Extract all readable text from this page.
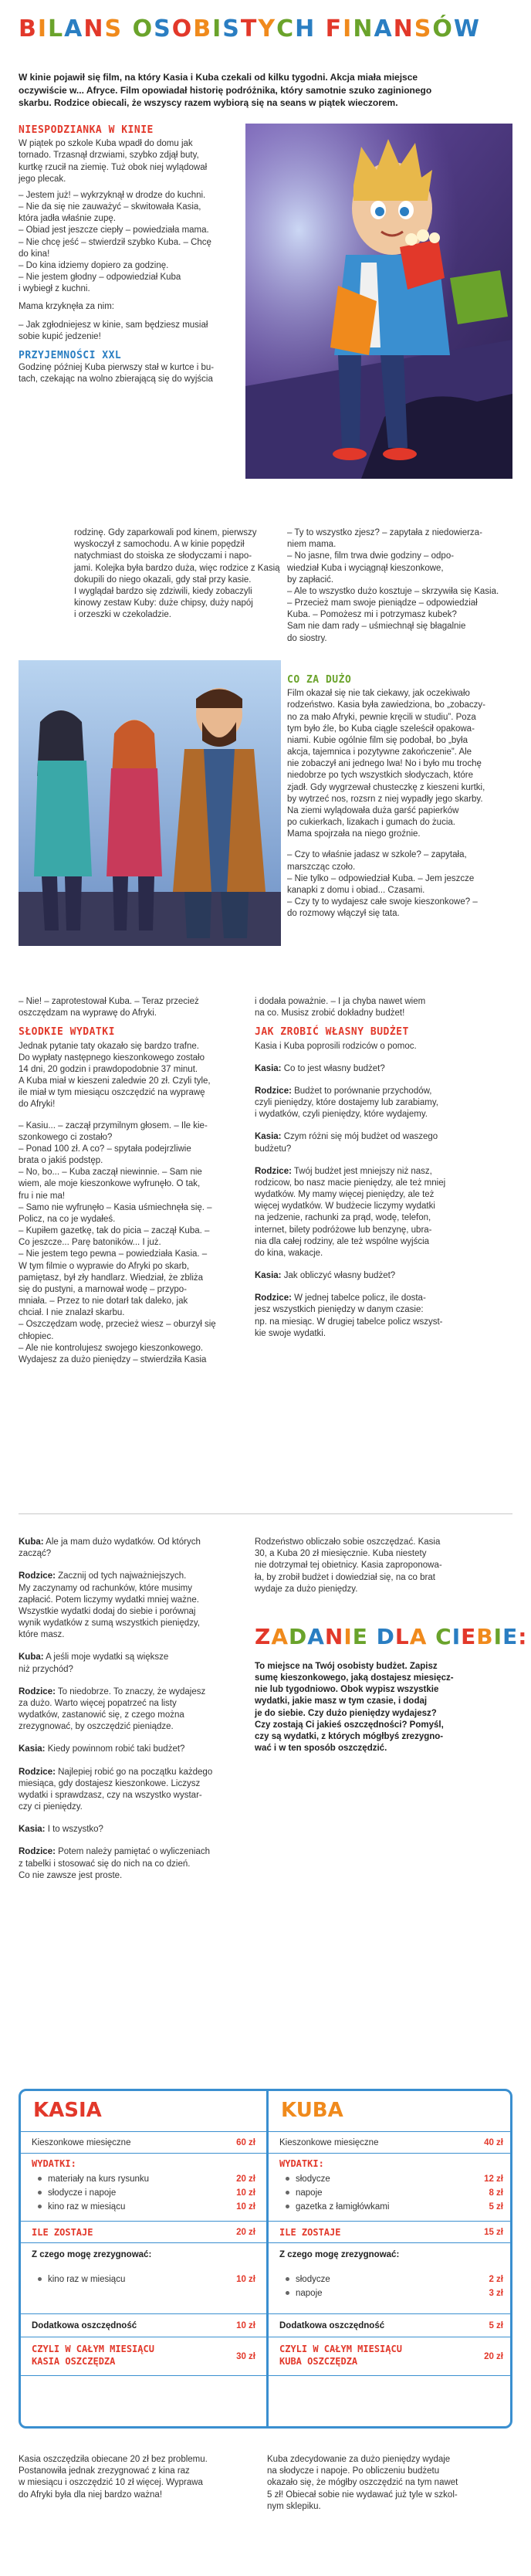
BILANS OSOBISTYCH FINANSÓW
W kinie pojawił się film, na który Kasia i Kuba czekali od kilku tygodni. Akcja miała miejsce
oczywiście w... Afryce. Film opowiadał historię podróżnika, który samotnie szuko zaginionego
skarbu. Rodzice obiecali, że wszyscy razem wybiorą się na seans w piątek wieczorem.
NIESPODZIANKA W KINIE
W piątek po szkole Kuba wpadł do domu jak
tornado. Trzasnął drzwiami, szybko zdjął buty,
kurtkę rzucił na ziemię. Tuż obok niej wylądował
jego plecak.
– Jestem już! – wykrzyknął w drodze do kuchni.
– Nie da się nie zauważyć – skwitowała Kasia,
która jadła właśnie zupę.
– Obiad jest jeszcze ciepły – powiedziała mama.
– Nie chcę jeść – stwierdził szybko Kuba. – Chcę
do kina!
– Do kina idziemy dopiero za godzinę.
– Nie jestem głodny – odpowiedział Kuba
i wybiegł z kuchni.
Mama krzyknęła za nim:
– Jak zgłodniejesz w kinie, sam będziesz musiał
sobie kupić jedzenie!
PRZYJEMNOŚCI XXL
Godzinę później Kuba pierwszy stał w kurtce i bu-
tach, czekając na wolno zbierającą się do wyjścia
rodzinę. Gdy zaparkowali pod kinem, pierwszy
wyskoczył z samochodu. A w kinie popędził
natychmiast do stoiska ze słodyczami i napo-
jami. Kolejka była bardzo duża, więc rodzice z Kasią
dokupili do niego okazali, gdy stał przy kasie.
I wyglądał bardzo się zdziwili, kiedy zobaczyli
kinowy zestaw Kuby: duże chipsy, duży napój
i orzeszki w czekoladzie.
– Ty to wszystko zjesz? – zapytała z niedowierza-
niem mama.
– No jasne, film trwa dwie godziny – odpo-
wiedział Kuba i wyciągnął kieszonkowe,
by zapłacić.
– Ale to wszystko dużo kosztuje – skrzywiła się Kasia.
– Przecież mam swoje pieniądze – odpowiedział
Kuba. – Pomożesz mi i potrzymasz kubek?
Sam nie dam rady – uśmiechnął się błagalnie
do siostry.
CO ZA DUŻO
Film okazał się nie tak ciekawy, jak oczekiwało
rodzeństwo. Kasia była zawiedziona, bo „zobaczy-
no za mało Afryki, pewnie kręcili w studiu”. Poza
tym było źle, bo Kuba ciągle szeleścił opakowa-
niami. Kubie ogólnie film się podobał, bo „była
akcja, tajemnica i pozytywne zakończenie”. Ale
nie zobaczył ani jednego lwa! No i było mu trochę
niedobrze po tych wszystkich słodyczach, które
zjadł. Gdy wygrzewał chusteczkę z kieszeni kurtki,
by wytrzeć nos, rozsrn z niej wypadły jego skarby.
Na ziemi wylądowała duża garść papierków
po cukierkach, lizakach i gumach do żucia.
Mama spojrzała na niego groźnie.
– Czy to właśnie jadasz w szkole? – zapytała,
marszcząc czoło.
– Nie tylko – odpowiedział Kuba. – Jem jeszcze
kanapki z domu i obiad... Czasami.
– Czy ty to wydajesz całe swoje kieszonkowe? –
do rozmowy włączył się tata.
– Nie! – zaprotestował Kuba. – Teraz przecież
oszczędzam na wyprawę do Afryki.
SŁODKIE WYDATKI
Jednak pytanie taty okazało się bardzo trafne.
Do wypłaty następnego kieszonkowego zostało
14 dni, 20 godzin i prawdopodobnie 37 minut.
A Kuba miał w kieszeni zaledwie 20 zł. Czyli tyle,
ile miał w tym miesiącu oszczędzić na wyprawę
do Afryki!
– Kasiu... – zaczął przymilnym głosem. – Ile kie-
szonkowego ci zostało?
– Ponad 100 zł. A co? – spytała podejrzliwie
brata o jakiś podstęp.
– No, bo... – Kuba zaczął niewinnie. – Sam nie
wiem, ale moje kieszonkowe wyfrunęło. O tak,
fru i nie ma!
– Samo nie wyfrunęło – Kasia uśmiechnęła się. –
Policz, na co je wydałeś.
– Kupiłem gazetkę, tak do picia – zaczął Kuba. –
Co jeszcze... Parę batoników... I już.
– Nie jestem tego pewna – powiedziała Kasia. –
W tym filmie o wyprawie do Afryki po skarb,
pamiętasz, był zły handlarz. Wiedział, że zbliża
się do pustyni, a marnował wodę – przypo-
mniała. – Przez to nie dotarł tak daleko, jak
chciał. I nie znalazł skarbu.
– Oszczędzam wodę, przecież wiesz – oburzył się
chłopiec.
– Ale nie kontrolujesz swojego kieszonkowego.
Wydajesz za dużo pieniędzy – stwierdziła Kasia
i dodała poważnie. – I ja chyba nawet wiem
na co. Musisz zrobić dokładny budżet!
JAK ZROBIĆ WŁASNY BUDŻET
Kasia i Kuba poprosili rodziców o pomoc.
Kasia: Co to jest własny budżet?
Rodzice: Budżet to porównanie przychodów,
czyli pieniędzy, które dostajemy lub zarabiamy,
i wydatków, czyli pieniędzy, które wydajemy.
Kasia: Czym różni się mój budżet od waszego
budżetu?
Rodzice: Twój budżet jest mniejszy niż nasz,
rodzicow, bo nasz macie pieniędzy, ale też mniej
wydatków. My mamy więcej pieniędzy, ale też
więcej wydatków. W budżecie liczymy wydatki
na jedzenie, rachunki za prąd, wodę, telefon,
internet, bilety podróżowe lub benzynę, ubra-
nia dla całej rodziny, ale też wspólne wyjścia
do kina, wakacje.
Kasia: Jak obliczyć własny budżet?
Rodzice: W jednej tabelce policz, ile dosta-
jesz wszystkich pieniędzy w danym czasie:
np. na miesiąc. W drugiej tabelce policz wszyst-
kie swoje wydatki.
Kuba: Ale ja mam dużo wydatków. Od których
zacząć?
Rodzice: Zacznij od tych najważniejszych.
My zaczynamy od rachunków, które musimy
zapłacić. Potem liczymy wydatki mniej ważne.
Wszystkie wydatki dodaj do siebie i porównaj
wynik wydatków z sumą wszystkich pieniędzy,
które masz.
Kuba: A jeśli moje wydatki są większe
niż przychód?
Rodzice: To niedobrze. To znaczy, że wydajesz
za dużo. Warto więcej popatrzeć na listy
wydatków, zastanowić się, z czego można
zrezygnować, by oszczędzić pieniądze.
Kasia: Kiedy powinnom robić taki budżet?
Rodzice: Najlepiej robić go na początku każdego
miesiąca, gdy dostajesz kieszonkowe. Liczysz
wydatki i sprawdzasz, czy na wszystko wystar-
czy ci pieniędzy.
Kasia: I to wszystko?
Rodzice: Potem należy pamiętać o wyliczeniach
z tabelki i stosować się do nich na co dzień.
Co nie zawsze jest proste.
Rodzeństwo obliczało sobie oszczędzać. Kasia
30, a Kuba 20 zł miesięcznie. Kuba niestety
nie dotrzymał tej obietnicy. Kasia zaproponowa-
ła, by zrobił budżet i dowiedział się, na co brat
wydaje za dużo pieniędzy.
ZADANIE DLA CIEBIE:
To miejsce na Twój osobisty budżet. Zapisz
sumę kieszonkowego, jaką dostajesz miesięcz-
nie lub tygodniowo. Obok wypisz wszystkie
wydatki, jakie masz w tym czasie, i dodaj
je do siebie. Czy dużo pieniędzy wydajesz?
Czy zostają Ci jakieś oszczędności? Pomyśl,
czy są wydatki, z których mógłbyś zrezygno-
wać i w ten sposób oszczędzić.
KASIA
Kieszonkowe miesięczne	60 zł
WYDATKI:
materiały na kurs rysunku	20 zł
słodycze i napoje	10 zł
kino raz w miesiącu	10 zł
ILE ZOSTAJE	20 zł
Z czego mogę zrezygnować:
kino raz w miesiącu	10 zł
Dodatkowa oszczędność	10 zł
CZYLI W CAŁYM MIESIĄCU
KASIA OSZCZĘDZA	30 zł
KUBA
Kieszonkowe miesięczne	40 zł
WYDATKI:
słodycze	12 zł
napoje	8 zł
gazetka z łamigłówkami	5 zł
ILE ZOSTAJE	15 zł
Z czego mogę zrezygnować:
słodycze	2 zł
napoje	3 zł
Dodatkowa oszczędność	5 zł
CZYLI W CAŁYM MIESIĄCU
KUBA OSZCZĘDZA	20 zł
Kasia oszczędziła obiecane 20 zł bez problemu.
Postanowiła jednak zrezygnować z kina raz
w miesiącu i oszczędzić 10 zł więcej. Wyprawa
do Afryki była dla niej bardzo ważna!
Kuba zdecydowanie za dużo pieniędzy wydaje
na słodycze i napoje. Po obliczeniu budżetu
okazało się, że mógłby oszczędzić na tym nawet
5 zł! Obiecał sobie nie wydawać już tyle w szkol-
nym sklepiku.
